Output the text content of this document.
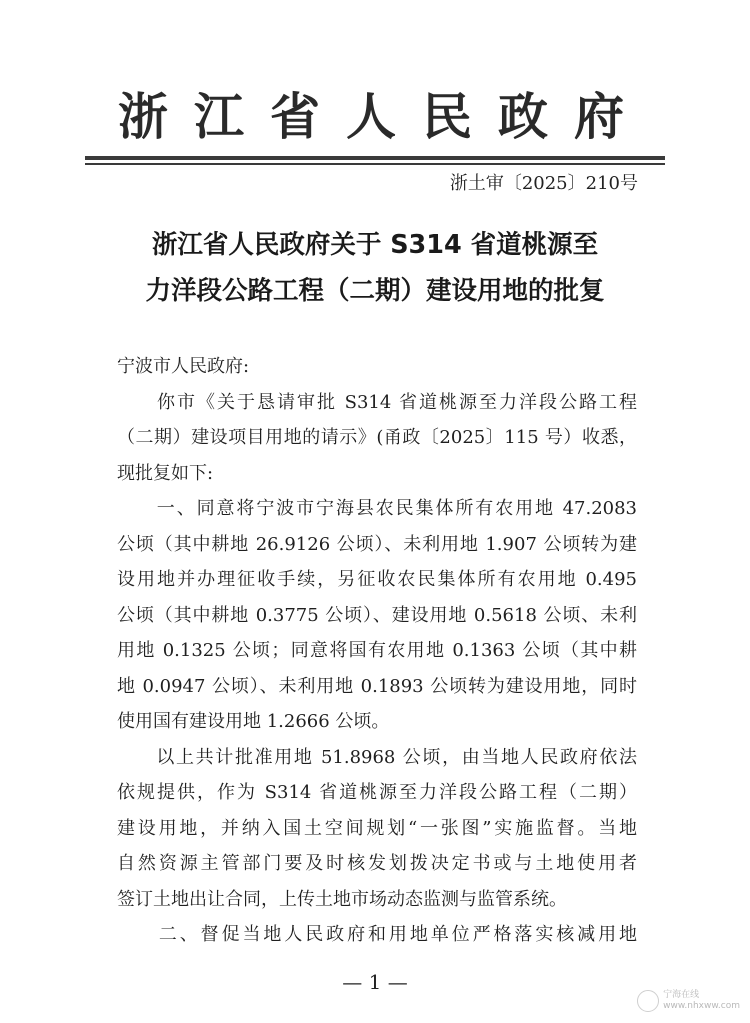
浙江省人民政府
浙土审〔2025〕210号
浙江省人民政府关于 S314 省道桃源至
力洋段公路工程（二期）建设用地的批复

宁波市人民政府:

　　你市《关于恳请审批 S314 省道桃源至力洋段公路工程
（二期）建设项目用地的请示》(甬政〔2025〕115 号）收悉，
现批复如下:

　　一、同意将宁波市宁海县农民集体所有农用地 47.2083
公顷（其中耕地 26.9126 公顷）、未利用地 1.907 公顷转为建
设用地并办理征收手续，另征收农民集体所有农用地 0.495
公顷（其中耕地 0.3775 公顷）、建设用地 0.5618 公顷、未利
用地 0.1325 公顷；同意将国有农用地 0.1363 公顷（其中耕
地 0.0947 公顷）、未利用地 0.1893 公顷转为建设用地，同时
使用国有建设用地 1.2666 公顷。

　　以上共计批准用地 51.8968 公顷，由当地人民政府依法
依规提供，作为 S314 省道桃源至力洋段公路工程（二期）
建设用地，并纳入国土空间规划“一张图”实施监督。当地
自然资源主管部门要及时核发划拨决定书或与土地使用者
签订土地出让合同，上传土地市场动态监测与监管系统。

　　二、督促当地人民政府和用地单位严格落实核减用地

— 1 —
宁海在线
www.nhxww.com
